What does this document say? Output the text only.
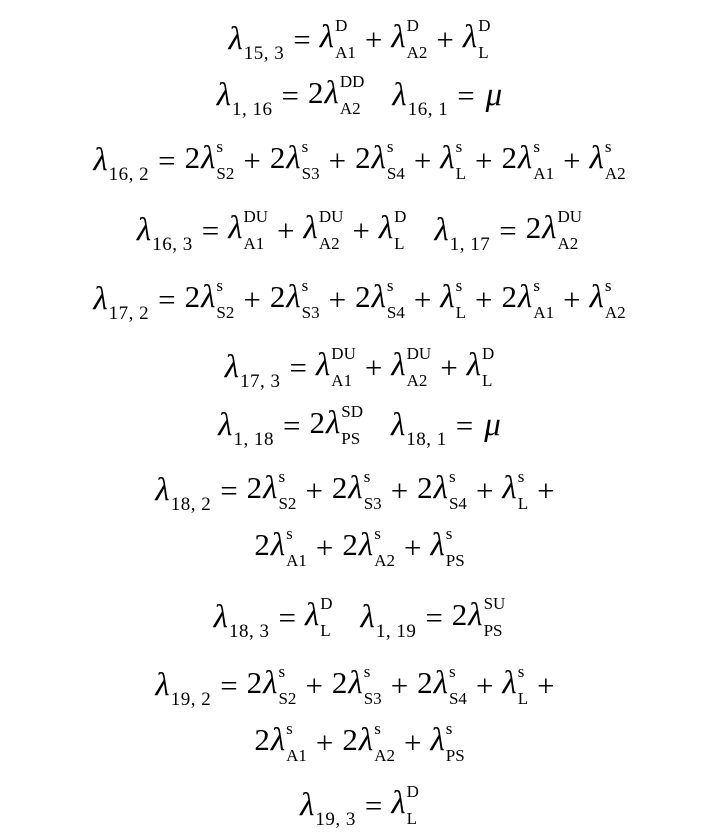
$\lambda_{15, 3} = \lambda$ D
A1 + λ D
A2 + λ D
L
$\lambda_{1, 16} = 2\lambda$ DD
A2 $\lambda_{16, 1} = \mu$
$\lambda_{16, 2} = 2\lambda$ s
S2 + 2λ s
S3 + 2λ s
S4 + λ s
L + 2λ s
A1 + λ s
A2
$\lambda_{16, 3} = \lambda$ DU
A1 + λ DU
A2 + λ D
L $\lambda_{1, 17} = 2\lambda$ DU
A2
$\lambda_{17, 2} = 2\lambda$ s
S2 + 2λ s
S3 + 2λ s
S4 + λ s
L + 2λ s
A1 + λ s
A2
$\lambda_{17, 3} = \lambda$ DU
A1 + λ DU
A2 + λ D
L
$\lambda_{1, 18} = 2\lambda$ SD
PS $\lambda_{18, 1} = \mu$
$\lambda_{18, 2} = 2\lambda$ s
S2 + 2λ s
S3 + 2λ s
S4 + λ s
L +
2λ s
A1 + 2λ s
A2 + λ s
PS
$\lambda_{18, 3} = \lambda$ D
L $\lambda_{1, 19} = 2\lambda$ SU
PS
$\lambda_{19, 2} = 2\lambda$ s
S2 + 2λ s
S3 + 2λ s
S4 + λ s
L +
2λ s
A1 + 2λ s
A2 + λ s
PS
$\lambda_{19, 3} = \lambda$ D
L
